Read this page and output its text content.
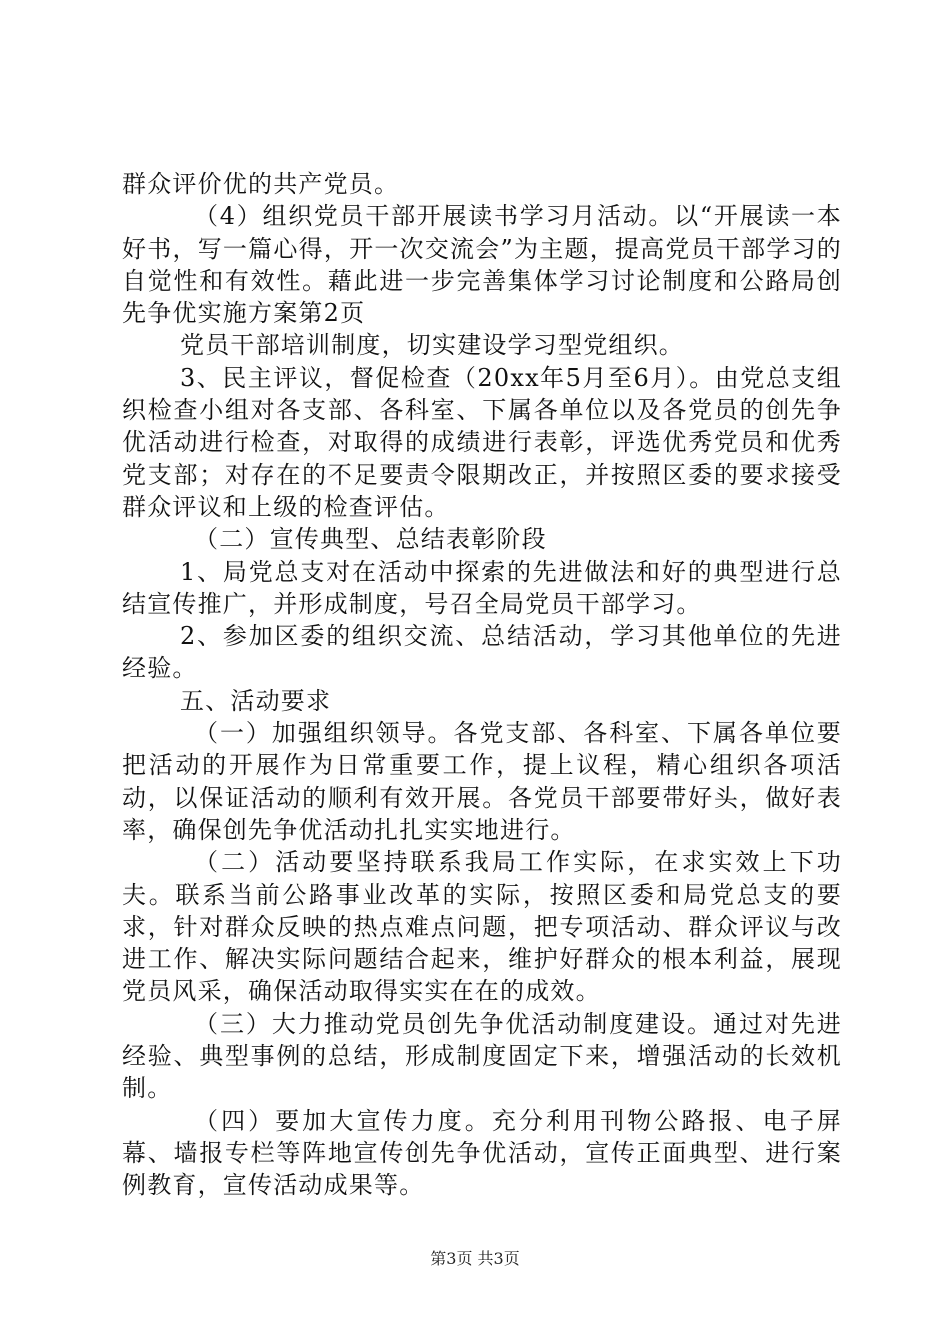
群众评价优的共产党员。

（4）组织党员干部开展读书学习月活动。以“开展读一本好书，写一篇心得，开一次交流会”为主题，提高党员干部学习的自觉性和有效性。藉此进一步完善集体学习讨论制度和公路局创先争优实施方案第2页

党员干部培训制度，切实建设学习型党组织。

3、民主评议，督促检查（20xx年5月至6月）。由党总支组织检查小组对各支部、各科室、下属各单位以及各党员的创先争优活动进行检查，对取得的成绩进行表彰，评选优秀党员和优秀党支部；对存在的不足要责令限期改正，并按照区委的要求接受群众评议和上级的检查评估。

（二）宣传典型、总结表彰阶段

1、局党总支对在活动中探索的先进做法和好的典型进行总结宣传推广，并形成制度，号召全局党员干部学习。

2、参加区委的组织交流、总结活动，学习其他单位的先进经验。

五、活动要求

（一）加强组织领导。各党支部、各科室、下属各单位要把活动的开展作为日常重要工作，提上议程，精心组织各项活动，以保证活动的顺利有效开展。各党员干部要带好头，做好表率，确保创先争优活动扎扎实实地进行。

（二）活动要坚持联系我局工作实际，在求实效上下功夫。联系当前公路事业改革的实际，按照区委和局党总支的要求，针对群众反映的热点难点问题，把专项活动、群众评议与改进工作、解决实际问题结合起来，维护好群众的根本利益，展现党员风采，确保活动取得实实在在的成效。

（三）大力推动党员创先争优活动制度建设。通过对先进经验、典型事例的总结，形成制度固定下来，增强活动的长效机制。

（四）要加大宣传力度。充分利用刊物公路报、电子屏幕、墙报专栏等阵地宣传创先争优活动，宣传正面典型、进行案例教育，宣传活动成果等。

第3页 共3页
